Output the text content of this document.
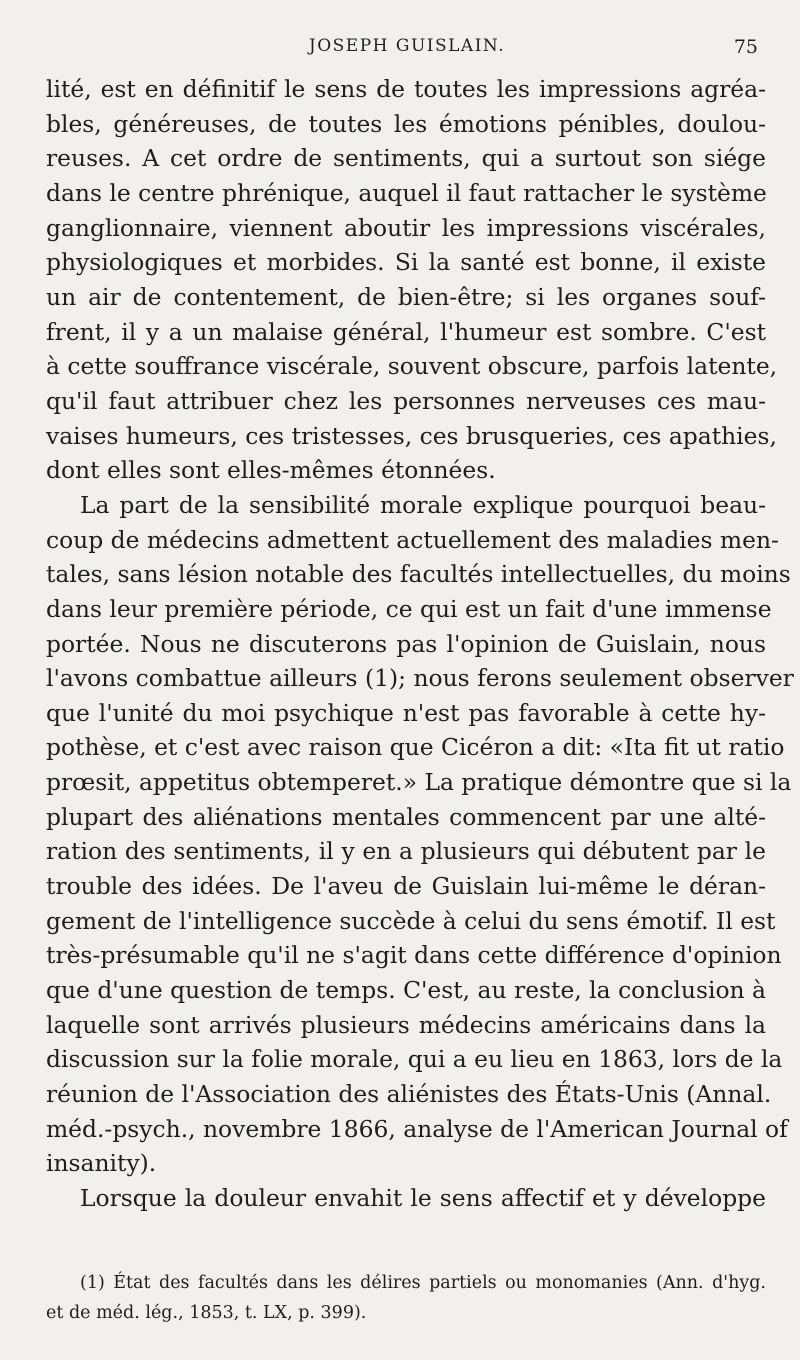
JOSEPH GUISLAIN.	75
lité, est en définitif le sens de toutes les impressions agréa-
bles, généreuses, de toutes les émotions pénibles, doulou-
reuses. A cet ordre de sentiments, qui a surtout son siége
dans le centre phrénique, auquel il faut rattacher le système
ganglionnaire, viennent aboutir les impressions viscérales,
physiologiques et morbides. Si la santé est bonne, il existe
un air de contentement, de bien-être; si les organes souf-
frent, il y a un malaise général, l'humeur est sombre. C'est
à cette souffrance viscérale, souvent obscure, parfois latente,
qu'il faut attribuer chez les personnes nerveuses ces mau-
vaises humeurs, ces tristesses, ces brusqueries, ces apathies,
dont elles sont elles-mêmes étonnées.
La part de la sensibilité morale explique pourquoi beau-
coup de médecins admettent actuellement des maladies men-
tales, sans lésion notable des facultés intellectuelles, du moins
dans leur première période, ce qui est un fait d'une immense
portée. Nous ne discuterons pas l'opinion de Guislain, nous
l'avons combattue ailleurs (1); nous ferons seulement observer
que l'unité du moi psychique n'est pas favorable à cette hy-
pothèse, et c'est avec raison que Cicéron a dit: «Ita fit ut ratio
prœsit, appetitus obtemperet.» La pratique démontre que si la
plupart des aliénations mentales commencent par une alté-
ration des sentiments, il y en a plusieurs qui débutent par le
trouble des idées. De l'aveu de Guislain lui-même le déran-
gement de l'intelligence succède à celui du sens émotif. Il est
très-présumable qu'il ne s'agit dans cette différence d'opinion
que d'une question de temps. C'est, au reste, la conclusion à
laquelle sont arrivés plusieurs médecins américains dans la
discussion sur la folie morale, qui a eu lieu en 1863, lors de la
réunion de l'Association des aliénistes des États-Unis (Annal.
méd.-psych., novembre 1866, analyse de l'American Journal of
insanity).
Lorsque la douleur envahit le sens affectif et y développe
(1) État des facultés dans les délires partiels ou monomanies (Ann. d'hyg.
et de méd. lég., 1853, t. LX, p. 399).
